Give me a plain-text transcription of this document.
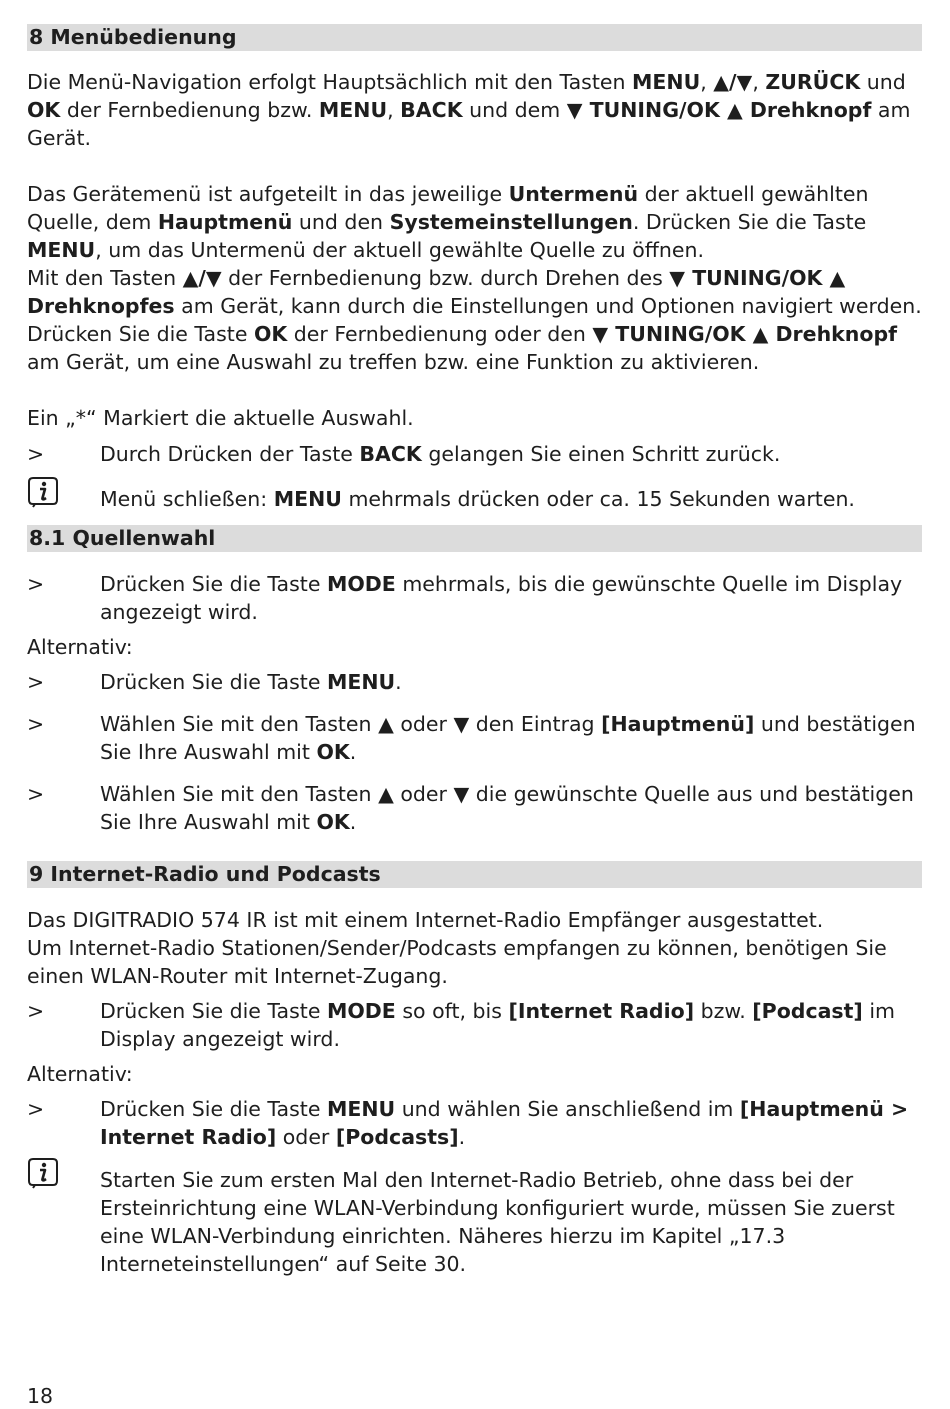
8 Menübedienung

Die Menü-Navigation erfolgt Hauptsächlich mit den Tasten MENU, ▲/▼, ZURÜCK und OK der Fernbedienung bzw. MENU, BACK und dem ▼ TUNING/OK ▲ Drehknopf am Gerät.

Das Gerätemenü ist aufgeteilt in das jeweilige Untermenü der aktuell gewählten Quelle, dem Hauptmenü und den Systemeinstellungen. Drücken Sie die Taste MENU, um das Untermenü der aktuell gewählte Quelle zu öffnen.

Mit den Tasten ▲/▼ der Fernbedienung bzw. durch Drehen des ▼ TUNING/OK ▲ Drehknopfes am Gerät, kann durch die Einstellungen und Optionen navigiert werden. Drücken Sie die Taste OK der Fernbedienung oder den ▼ TUNING/OK ▲ Drehknopf am Gerät, um eine Auswahl zu treffen bzw. eine Funktion zu aktivieren.

Ein „*“ Markiert die aktuelle Auswahl.

>	Durch Drücken der Taste BACK gelangen Sie einen Schritt zurück.
Menü schließen: MENU mehrmals drücken oder ca. 15 Sekunden warten.
8.1 Quellenwahl
>	Drücken Sie die Taste MODE mehrmals, bis die gewünschte Quelle im Display angezeigt wird.

Alternativ:

>	Drücken Sie die Taste MENU.
>	Wählen Sie mit den Tasten ▲ oder ▼ den Eintrag [Hauptmenü] und bestätigen Sie Ihre Auswahl mit OK.
>	Wählen Sie mit den Tasten ▲ oder ▼ die gewünschte Quelle aus und bestätigen Sie Ihre Auswahl mit OK.
9 Internet-Radio und Podcasts

Das DIGITRADIO 574 IR ist mit einem Internet-Radio Empfänger ausgestattet.

Um Internet-Radio Stationen/Sender/Podcasts empfangen zu können, benötigen Sie einen WLAN-Router mit Internet-Zugang.

>	Drücken Sie die Taste MODE so oft, bis [Internet Radio] bzw. [Podcast] im Display angezeigt wird.

Alternativ:

>	Drücken Sie die Taste MENU und wählen Sie anschließend im [Hauptmenü > Internet Radio] oder [Podcasts].
Starten Sie zum ersten Mal den Internet-Radio Betrieb, ohne dass bei der Ersteinrichtung eine WLAN-Verbindung konfiguriert wurde, müssen Sie zuerst eine WLAN-Verbindung einrichten. Näheres hierzu im Kapitel „17.3 Interneteinstellungen“ auf Seite 30.
18
